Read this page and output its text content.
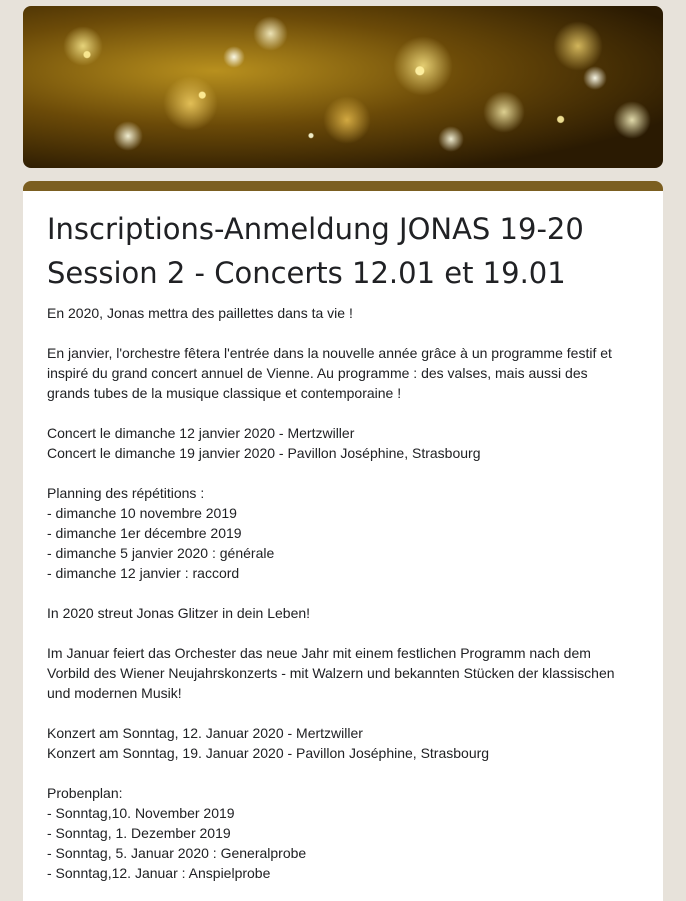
Inscriptions-Anmeldung JONAS 19-20
Session 2 - Concerts 12.01 et 19.01
En 2020, Jonas mettra des paillettes dans ta vie !
En janvier, l'orchestre fêtera l'entrée dans la nouvelle année grâce à un programme festif et
inspiré du grand concert annuel de Vienne. Au programme : des valses, mais aussi des
grands tubes de la musique classique et contemporaine !
Concert le dimanche 12 janvier 2020 - Mertzwiller
Concert le dimanche 19 janvier 2020 - Pavillon Joséphine, Strasbourg
Planning des répétitions :
- dimanche 10 novembre 2019
- dimanche 1er décembre 2019
- dimanche 5 janvier 2020 : générale
- dimanche 12 janvier : raccord
In 2020 streut Jonas Glitzer in dein Leben!
Im Januar feiert das Orchester das neue Jahr mit einem festlichen Programm nach dem
Vorbild des Wiener Neujahrskonzerts - mit Walzern und bekannten Stücken der klassischen
und modernen Musik!
Konzert am Sonntag, 12. Januar 2020 - Mertzwiller
Konzert am Sonntag, 19. Januar 2020 - Pavillon Joséphine, Strasbourg
Probenplan:
- Sonntag,10. November 2019
- Sonntag, 1. Dezember 2019
- Sonntag, 5. Januar 2020 : Generalprobe
- Sonntag,12. Januar : Anspielprobe
